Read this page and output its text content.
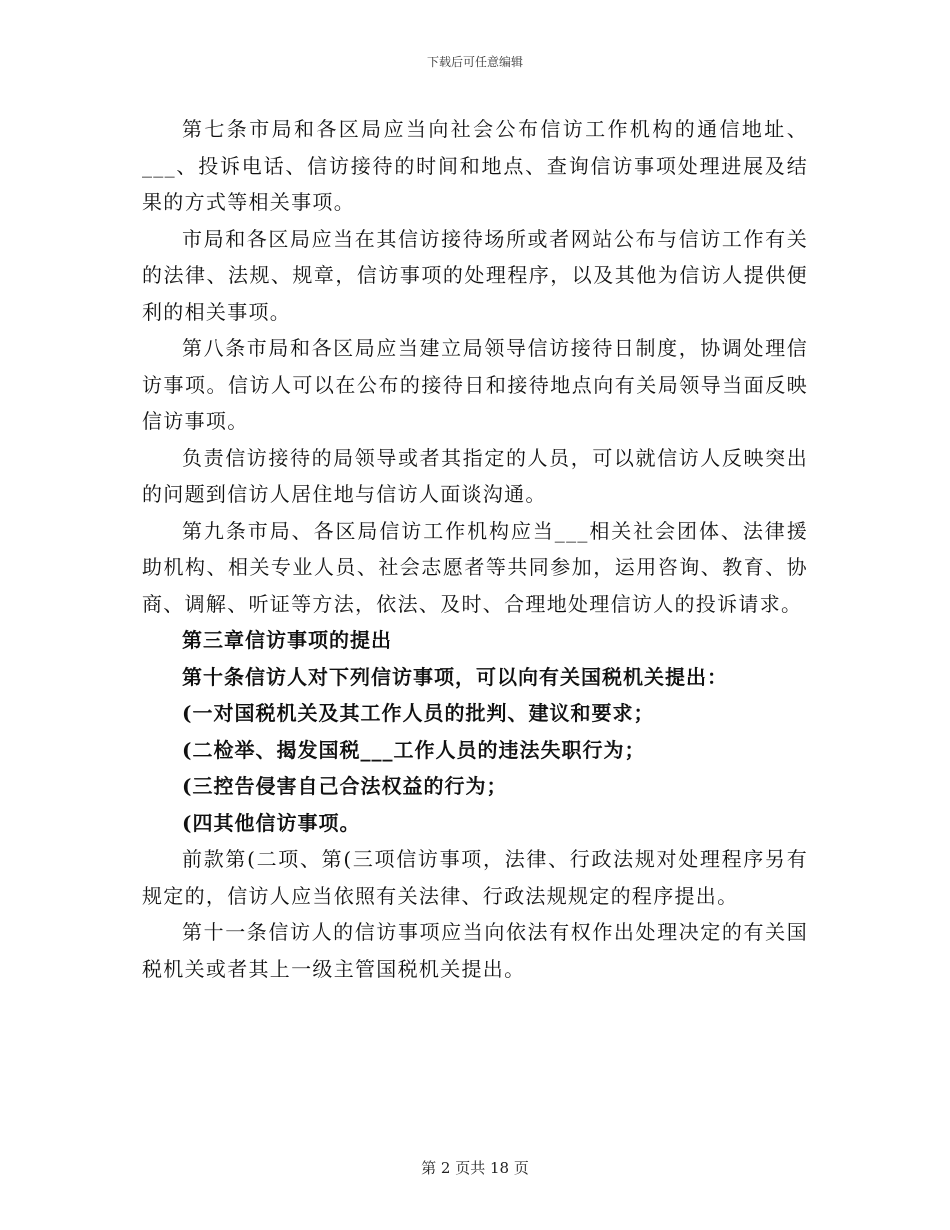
下载后可任意编辑

第七条市局和各区局应当向社会公布信访工作机构的通信地址、___、投诉电话、信访接待的时间和地点、查询信访事项处理进展及结果的方式等相关事项。

市局和各区局应当在其信访接待场所或者网站公布与信访工作有关的法律、法规、规章，信访事项的处理程序，以及其他为信访人提供便利的相关事项。

第八条市局和各区局应当建立局领导信访接待日制度，协调处理信访事项。信访人可以在公布的接待日和接待地点向有关局领导当面反映信访事项。

负责信访接待的局领导或者其指定的人员，可以就信访人反映突出的问题到信访人居住地与信访人面谈沟通。

第九条市局、各区局信访工作机构应当___相关社会团体、法律援助机构、相关专业人员、社会志愿者等共同参加，运用咨询、教育、协商、调解、听证等方法，依法、及时、合理地处理信访人的投诉请求。

第三章信访事项的提出

第十条信访人对下列信访事项，可以向有关国税机关提出：

(一对国税机关及其工作人员的批判、建议和要求；

(二检举、揭发国税___工作人员的违法失职行为；

(三控告侵害自己合法权益的行为；

(四其他信访事项。

前款第(二项、第(三项信访事项，法律、行政法规对处理程序另有规定的，信访人应当依照有关法律、行政法规规定的程序提出。

第十一条信访人的信访事项应当向依法有权作出处理决定的有关国税机关或者其上一级主管国税机关提出。

第 2 页共 18 页
